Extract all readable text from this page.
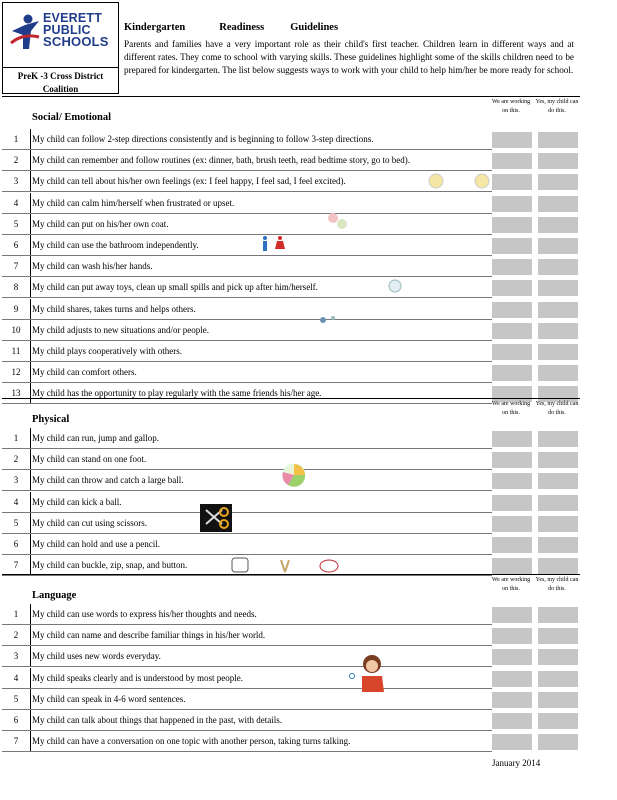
EVERETT
PUBLIC
SCHOOLS
PreK -3 Cross District
Coalition
Kindergarten	Readiness Guidelines
Parents and families have a very important role as their child's first teacher. Children learn in different ways and at different rates. They come to school with varying skills. These guidelines highlight some of the skills children need to be prepared for kindergarten. The list below suggests ways to work with your child to help him/her be more ready for school.
Social/ Emotional
We are working on this.
Yes, my child can do this.
1	My child can follow 2-step directions consistently and is beginning to follow 3-step directions.
2	My child can remember and follow routines (ex: dinner, bath, brush teeth, read bedtime story, go to bed).
3	My child can tell about his/her own feelings (ex: I feel happy, I feel sad, I feel excited).
4	My child can calm him/herself when frustrated or upset.
5	My child can put on his/her own coat.
6	My child can use the bathroom independently.
7	My child can wash his/her hands.
8	My child can put away toys, clean up small spills and pick up after him/herself.
9	My child shares, takes turns and helps others.
10	My child adjusts to new situations and/or people.
11	My child plays cooperatively with others.
12	My child can comfort others.
13	My child has the opportunity to play regularly with the same friends his/her age.
Physical
We are working on this.
Yes, my child can do this.
1	My child can run, jump and gallop.
2	My child can stand on one foot.
3	My child can throw and catch a large ball.
4	My child can kick a ball.
5	My child can cut using scissors.
6	My child can hold and use a pencil.
7	My child can buckle, zip, snap, and button.
Language
We are working on this.
Yes, my child can do this.
1	My child can use words to express his/her thoughts and needs.
2	My child can name and describe familiar things in his/her world.
3	My child uses new words everyday.
4	My child speaks clearly and is understood by most people.
5	My child can speak in 4-6 word sentences.
6	My child can talk about things that happened in the past, with details.
7	My child can have a conversation on one topic with another person, taking turns talking.
January 2014
